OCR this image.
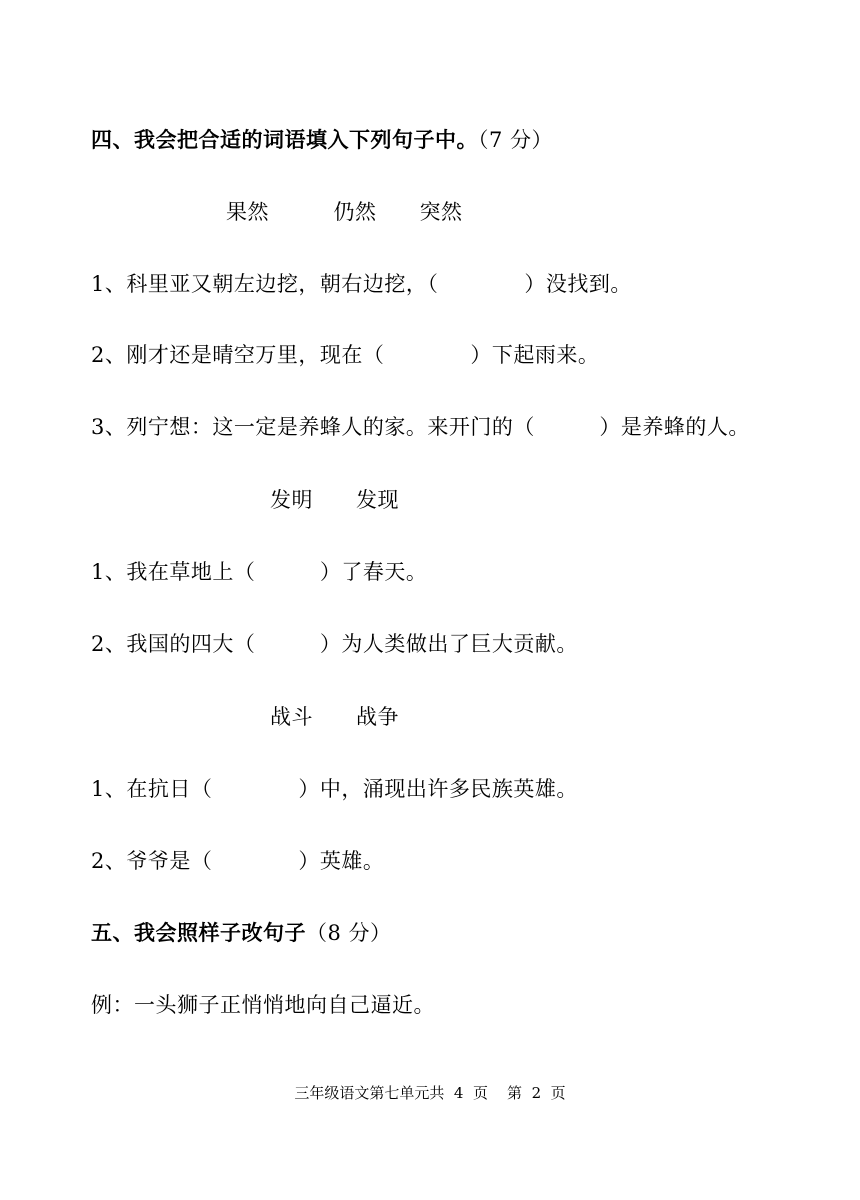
四、我会把合适的词语填入下列句子中。（7 分）
果然　　　仍然　　突然
1、科里亚又朝左边挖，朝右边挖，（　　　　）没找到。
2、刚才还是晴空万里，现在（　　　　）下起雨来。
3、列宁想：这一定是养蜂人的家。来开门的（　　　）是养蜂的人。
发明　　发现
1、我在草地上（　　　）了春天。
2、我国的四大（　　　）为人类做出了巨大贡献。
战斗　　战争
1、在抗日（　　　　）中，涌现出许多民族英雄。
2、爷爷是（　　　　）英雄。
五、我会照样子改句子（8 分）
例：一头狮子正悄悄地向自己逼近。
三年级语文第七单元共  4  页    第  2  页
